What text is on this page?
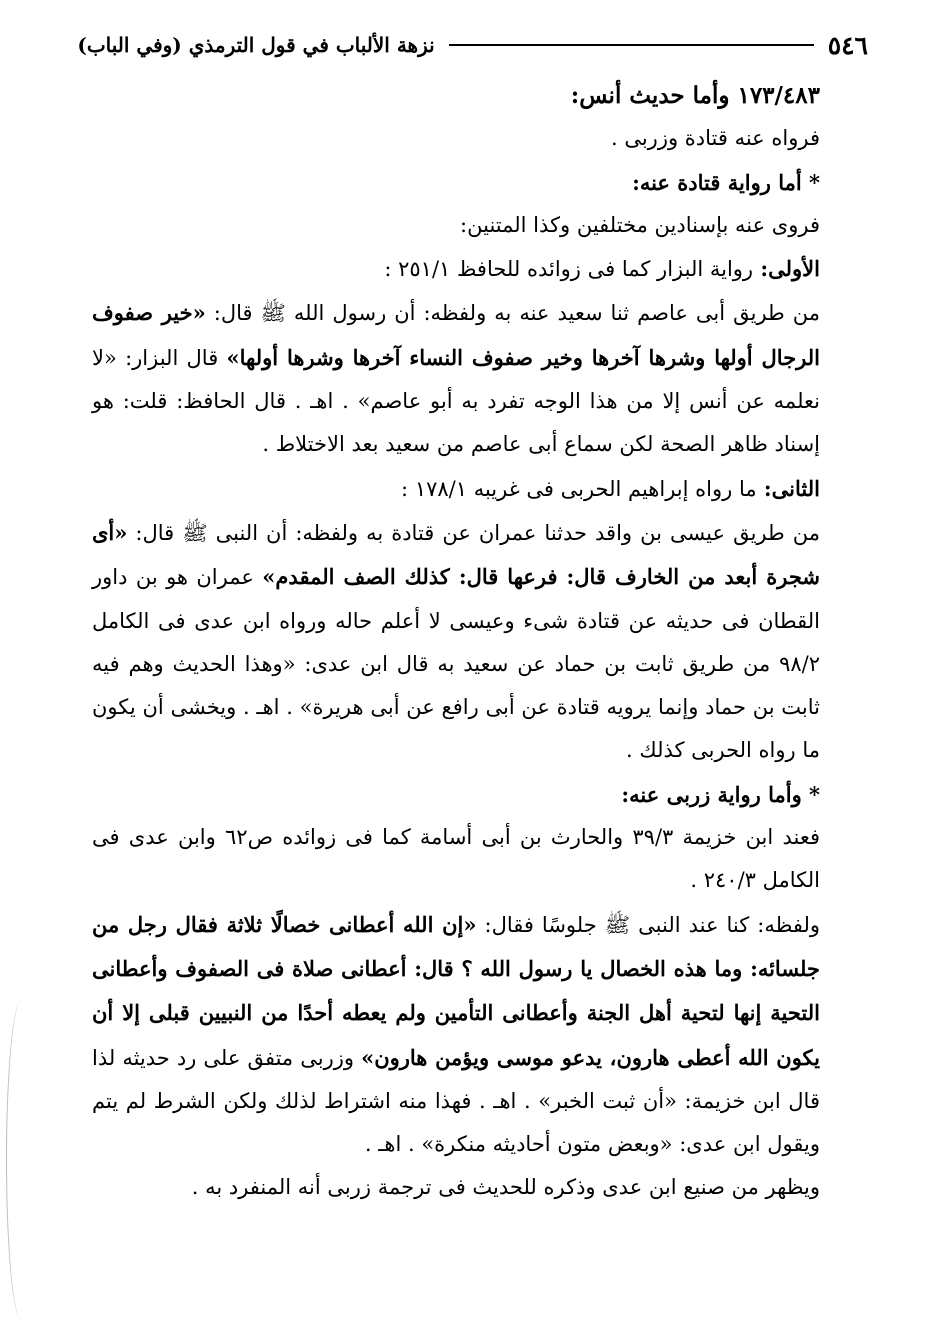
٥٤٦
نزهة الألباب في قول الترمذي (وفي الباب)

١٧٣/٤٨٣ وأما حديث أنس:

فرواه عنه قتادة وزربى .

* أما رواية قتادة عنه:

فروى عنه بإسنادين مختلفين وكذا المتنين:

الأولى: رواية البزار كما فى زوائده للحافظ ٢٥١/١ :

من طريق أبى عاصم ثنا سعيد عنه به ولفظه: أن رسول الله ﷺ قال: «خير صفوف الرجال أولها وشرها آخرها وخير صفوف النساء آخرها وشرها أولها» قال البزار: «لا نعلمه عن أنس إلا من هذا الوجه تفرد به أبو عاصم» . اهـ . قال الحافظ: قلت: هو إسناد ظاهر الصحة لكن سماع أبى عاصم من سعيد بعد الاختلاط .

الثانى: ما رواه إبراهيم الحربى فى غريبه ١٧٨/١ :

من طريق عيسى بن واقد حدثنا عمران عن قتادة به ولفظه: أن النبى ﷺ قال: «أى شجرة أبعد من الخارف قال: فرعها قال: كذلك الصف المقدم» عمران هو بن داور القطان فى حديثه عن قتادة شىء وعيسى لا أعلم حاله ورواه ابن عدى فى الكامل ٩٨/٢ من طريق ثابت بن حماد عن سعيد به قال ابن عدى: «وهذا الحديث وهم فيه ثابت بن حماد وإنما يرويه قتادة عن أبى رافع عن أبى هريرة» . اهـ . ويخشى أن يكون ما رواه الحربى كذلك .

* وأما رواية زربى عنه:

فعند ابن خزيمة ٣٩/٣ والحارث بن أبى أسامة كما فى زوائده ص٦٢ وابن عدى فى الكامل ٢٤٠/٣ .

ولفظه: كنا عند النبى ﷺ جلوسًا فقال: «إن الله أعطانى خصالًا ثلاثة فقال رجل من جلسائه: وما هذه الخصال يا رسول الله ؟ قال: أعطانى صلاة فى الصفوف وأعطانى التحية إنها لتحية أهل الجنة وأعطانى التأمين ولم يعطه أحدًا من النبيين قبلى إلا أن يكون الله أعطى هارون، يدعو موسى ويؤمن هارون» وزربى متفق على رد حديثه لذا قال ابن خزيمة: «أن ثبت الخبر» . اهـ . فهذا منه اشتراط لذلك ولكن الشرط لم يتم ويقول ابن عدى: «وبعض متون أحاديثه منكرة» . اهـ .

ويظهر من صنيع ابن عدى وذكره للحديث فى ترجمة زربى أنه المنفرد به .
